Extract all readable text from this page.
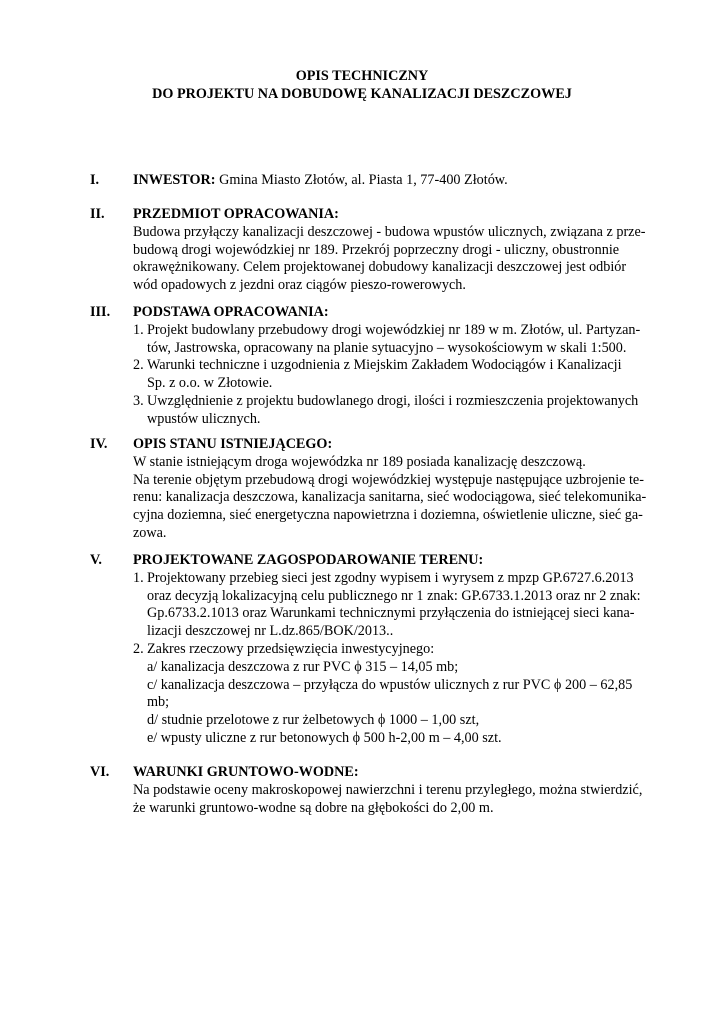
OPIS TECHNICZNY
DO PROJEKTU NA DOBUDOWĘ KANALIZACJI DESZCZOWEJ
I. INWESTOR: Gmina Miasto Złotów, al. Piasta 1, 77-400 Złotów.
II. PRZEDMIOT OPRACOWANIA:
Budowa przyłączy kanalizacji deszczowej - budowa wpustów ulicznych, związana z prze-
budową drogi wojewódzkiej nr 189. Przekrój poprzeczny drogi - uliczny, obustronnie
okrawężnikowany. Celem projektowanej dobudowy kanalizacji deszczowej jest odbiór
wód opadowych z jezdni oraz ciągów pieszo-rowerowych.
III. PODSTAWA OPRACOWANIA:
1. Projekt budowlany przebudowy drogi wojewódzkiej nr 189 w m. Złotów, ul. Partyzan-
tów, Jastrowska, opracowany na planie sytuacyjno – wysokościowym w skali 1:500.
2. Warunki techniczne i uzgodnienia z Miejskim Zakładem Wodociągów i Kanalizacji
Sp. z o.o. w Złotowie.
3. Uwzględnienie z projektu budowlanego drogi, ilości i rozmieszczenia projektowanych
wpustów ulicznych.
IV. OPIS STANU ISTNIEJĄCEGO:
W stanie istniejącym droga wojewódzka nr 189 posiada kanalizację deszczową.
Na terenie objętym przebudową drogi wojewódzkiej występuje następujące uzbrojenie te-
renu: kanalizacja deszczowa, kanalizacja sanitarna, sieć wodociągowa, sieć telekomunika-
cyjna doziemna, sieć energetyczna napowietrzna i doziemna, oświetlenie uliczne, sieć ga-
zowa.
V. PROJEKTOWANE ZAGOSPODAROWANIE TERENU:
1. Projektowany przebieg sieci jest zgodny wypisem i wyrysem z mpzp GP.6727.6.2013
oraz decyzją lokalizacyjną celu publicznego nr 1 znak: GP.6733.1.2013 oraz nr 2 znak:
Gp.6733.2.1013 oraz Warunkami technicznymi przyłączenia do istniejącej sieci kana-
lizacji deszczowej nr L.dz.865/BOK/2013..
2. Zakres rzeczowy przedsięwzięcia inwestycyjnego:
a/ kanalizacja deszczowa z rur PVC ϕ 315 – 14,05 mb;
c/ kanalizacja deszczowa – przyłącza do wpustów ulicznych z rur PVC ϕ 200 – 62,85
mb;
d/ studnie przelotowe z rur żelbetowych ϕ 1000 – 1,00 szt,
e/ wpusty uliczne z rur betonowych ϕ 500 h-2,00 m – 4,00 szt.
VI. WARUNKI GRUNTOWO-WODNE:
Na podstawie oceny makroskopowej nawierzchni i terenu przyległego, można stwierdzić,
że warunki gruntowo-wodne są dobre na głębokości do 2,00 m.
